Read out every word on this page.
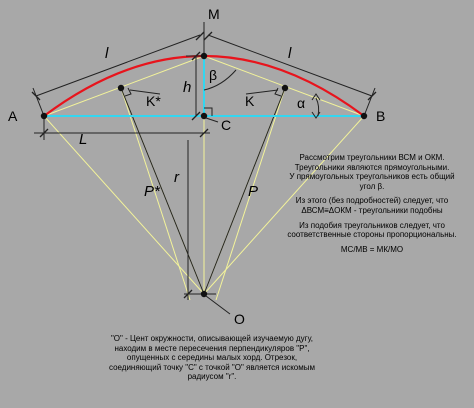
M
A	B
C
O
l	l
h
β
α
K*	K
L
r
P*	P

Рассмотрим треугольники ВСМ и ОКМ.

Треугольники являются прямоугольными.

У прямоугольных треугольников есть общий

угол β.

Из этого (без подробностей) следует, что

ΔВСМ≡ΔОКМ - треугольники подобны

Из подобия треугольников следует, что

соответственные стороны пропорциональны.

МС/МВ = МК/МО

"О" - Цент окружности, описывающей изучаемую дугу,

находим в месте пересечения перпендикуляров "Р",

опущенных с середины малых хорд. Отрезок,

соединяющий точку "С" с точкой "О" является искомым

радиусом "r".
